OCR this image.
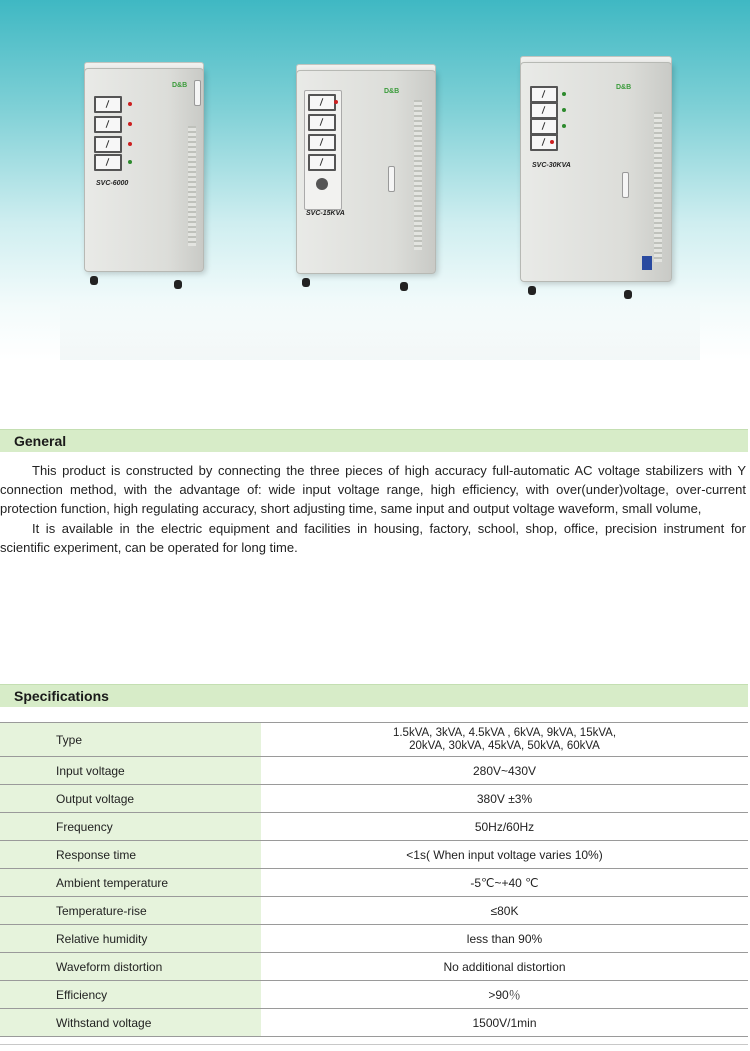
D&B
SVC-6000
D&B
SVC-15KVA
D&B
SVC-30KVA
General

This product is constructed by connecting the three pieces of high accuracy full-automatic AC voltage stabilizers with Y connection method, with the advantage of: wide input voltage range, high efficiency, with over(under)voltage, over-current protection function, high regulating accuracy, short adjusting time, same input and output voltage waveform, small volume,

It is available in the electric equipment and facilities in housing, factory, school, shop, office, precision instrument for scientific experiment, can be operated for long time.

Specifications
Type	1.5kVA, 3kVA, 4.5kVA , 6kVA, 9kVA, 15kVA,
20kVA, 30kVA, 45kVA, 50kVA, 60kVA

Input voltage	280V~430V
Output voltage	380V ±3%
Frequency	50Hz/60Hz
Response time	<1s( When input voltage varies 10%)
Ambient temperature	-5℃~+40 ℃
Temperature-rise	≤80K
Relative humidity	less than 90%
Waveform distortion	No additional distortion
Efficiency	>90％
Withstand voltage	1500V/1min
